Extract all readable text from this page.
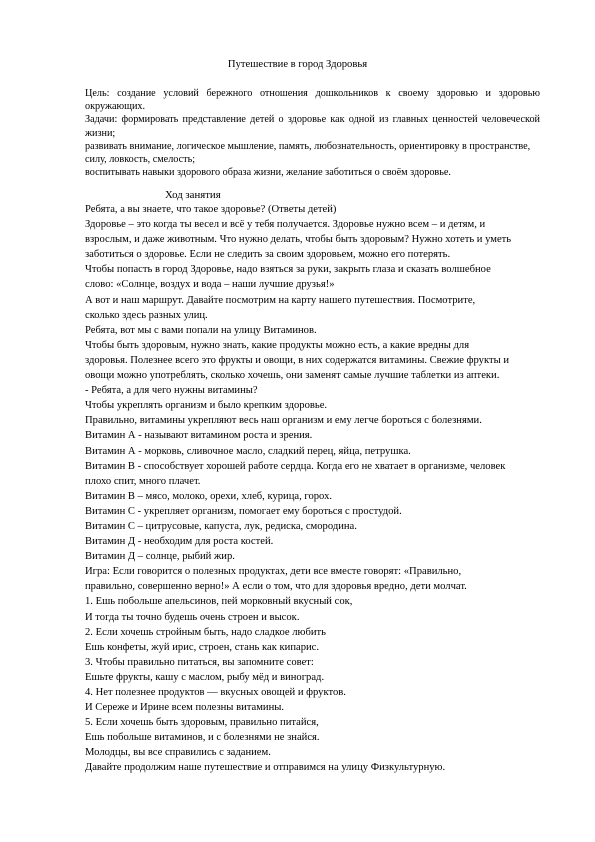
Путешествие в город Здоровья

Цель: создание условий бережного отношения дошкольников к своему здоровью и здоровью окружающих.

Задачи: формировать представление детей о здоровье как одной из главных ценностей человеческой жизни;

развивать внимание, логическое мышление, память, любознательность, ориентировку в пространстве, силу, ловкость, смелость;

воспитывать навыки здорового образа жизни, желание заботиться о своём здоровье.

Ход занятия
Ребята, а вы знаете, что такое здоровье? (Ответы детей)
Здоровье – это когда ты весел и всё у тебя получается. Здоровье нужно всем – и детям, и
взрослым, и даже животным. Что нужно делать, чтобы быть здоровым? Нужно хотеть и уметь
заботиться о здоровье. Если не следить за своим здоровьем, можно его потерять.
Чтобы попасть в город Здоровье, надо взяться за руки, закрыть глаза и сказать волшебное
слово: «Солнце, воздух и вода – наши лучшие друзья!»
А вот и наш маршрут. Давайте посмотрим на карту нашего путешествия. Посмотрите,
сколько здесь разных улиц.
Ребята, вот мы с вами попали на улицу Витаминов.
Чтобы быть здоровым, нужно знать, какие продукты можно есть, а какие вредны для
здоровья. Полезнее всего это фрукты и овощи, в них содержатся витамины. Свежие фрукты и
овощи можно употреблять, сколько хочешь, они заменят самые лучшие таблетки из аптеки.
- Ребята, а для чего нужны витамины?
Чтобы укреплять организм и было крепким здоровье.
Правильно, витамины укрепляют весь наш организм и ему легче бороться с болезнями.
Витамин А - называют витамином роста и зрения.
Витамин А - морковь, сливочное масло, сладкий перец, яйца, петрушка.
Витамин В - способствует хорошей работе сердца. Когда его не хватает в организме, человек
плохо спит, много плачет.
Витамин В – мясо, молоко, орехи, хлеб, курица, горох.
Витамин С - укрепляет организм, помогает ему бороться с простудой.
Витамин С – цитрусовые, капуста, лук, редиска, смородина.
Витамин Д - необходим для роста костей.
Витамин Д – солнце, рыбий жир.
Игра: Если говорится о полезных продуктах, дети все вместе говорят: «Правильно,
правильно, совершенно верно!» А если о том, что для здоровья вредно, дети молчат.
1. Ешь побольше апельсинов, пей морковный вкусный сок,
И тогда ты точно будешь очень строен и высок.
2. Если хочешь стройным быть, надо сладкое любить
Ешь конфеты, жуй ирис, строен, стань как кипарис.
3. Чтобы правильно питаться, вы запомните совет:
Ешьте фрукты, кашу с маслом, рыбу мёд и виноград.
4. Нет полезнее продуктов — вкусных овощей и фруктов.
И Сереже и Ирине всем полезны витамины.
5. Если хочешь быть здоровым, правильно питайся,
Ешь побольше витаминов, и с болезнями не знайся.
Молодцы, вы все справились с заданием.
Давайте продолжим наше путешествие и отправимся на улицу Физкультурную.
